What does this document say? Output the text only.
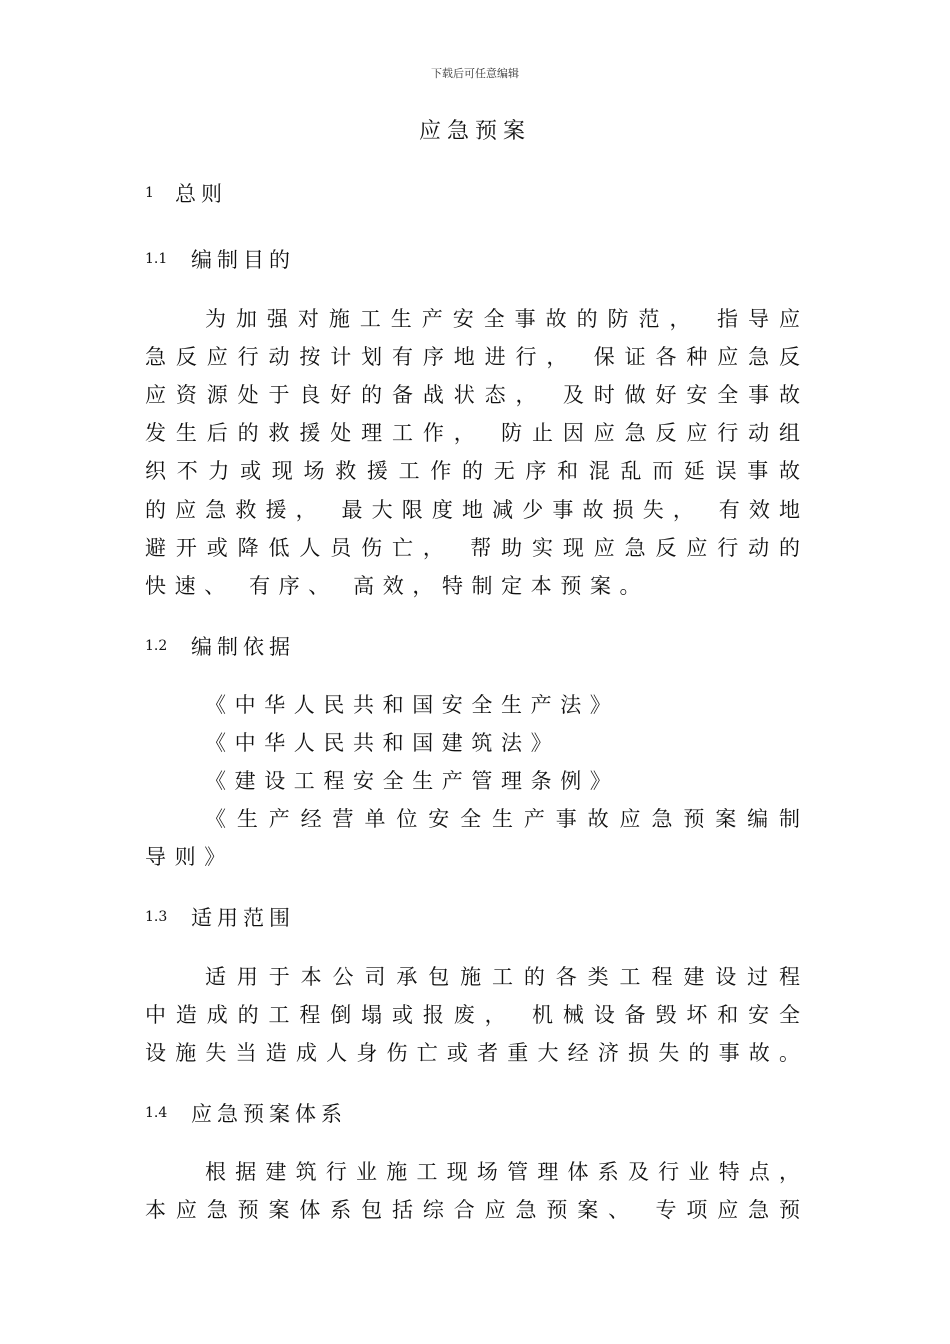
下载后可任意编辑
应急预案
1 总则
1.1 编制目的
为加强对施工生产安全事故的防范， 指导应
急反应行动按计划有序地进行， 保证各种应急反
应资源处于良好的备战状态， 及时做好安全事故
发生后的救援处理工作， 防止因应急反应行动组
织不力或现场救援工作的无序和混乱而延误事故
的应急救援， 最大限度地减少事故损失， 有效地
避开或降低人员伤亡， 帮助实现应急反应行动的
快速、 有序、 高效，特制定本预案。
1.2 编制依据
《中华人民共和国安全生产法》
《中华人民共和国建筑法》
《建设工程安全生产管理条例》
《生产经营单位安全生产事故应急预案编制
导则》
1.3 适用范围
适用于本公司承包施工的各类工程建设过程
中造成的工程倒塌或报废， 机械设备毁坏和安全
设施失当造成人身伤亡或者重大经济损失的事故。
1.4 应急预案体系
根据建筑行业施工现场管理体系及行业特点，
本应急预案体系包括综合应急预案、 专项应急预
